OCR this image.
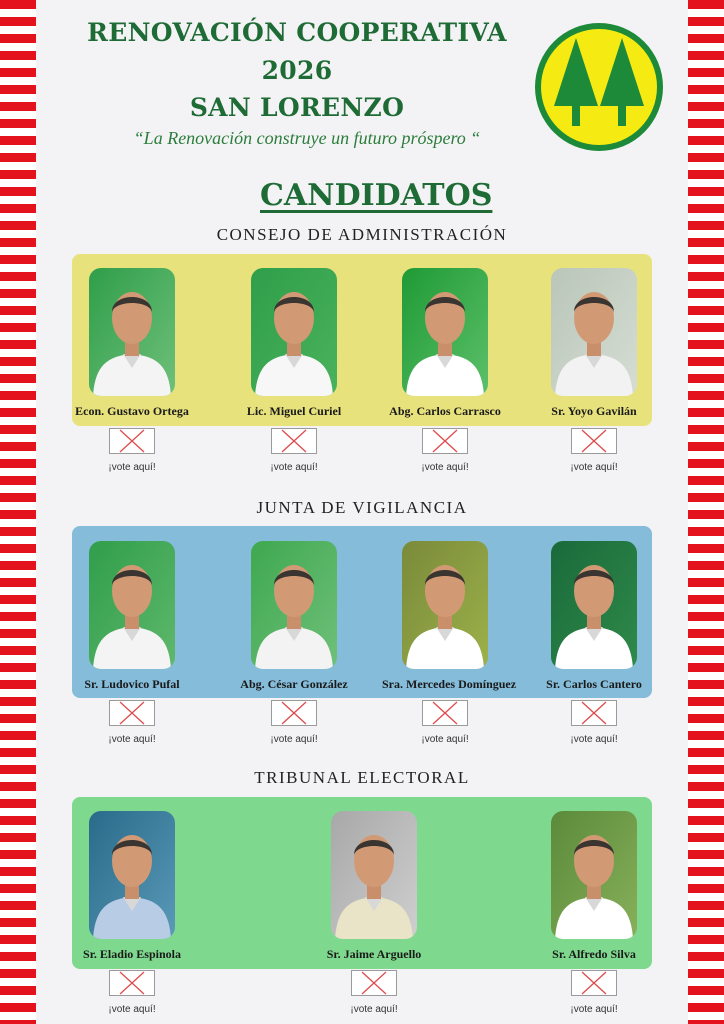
RENOVACIÓN COOPERATIVA
2026
SAN LORENZO
“La Renovación construye un futuro próspero “
CANDIDATOS
CONSEJO DE ADMINISTRACIÓN
Econ. Gustavo Ortega
¡vote aquí!
Lic. Miguel Curiel
¡vote aquí!
Abg. Carlos Carrasco
¡vote aquí!
Sr. Yoyo Gavilán
¡vote aquí!
JUNTA DE VIGILANCIA
Sr. Ludovico Pufal
¡vote aquí!
Abg. César González
¡vote aquí!
Sra. Mercedes Domínguez
¡vote aquí!
Sr. Carlos Cantero
¡vote aquí!
TRIBUNAL ELECTORAL
Sr. Eladio Espinola
¡vote aquí!
Sr. Jaime Arguello
¡vote aquí!
Sr. Alfredo Silva
¡vote aquí!
